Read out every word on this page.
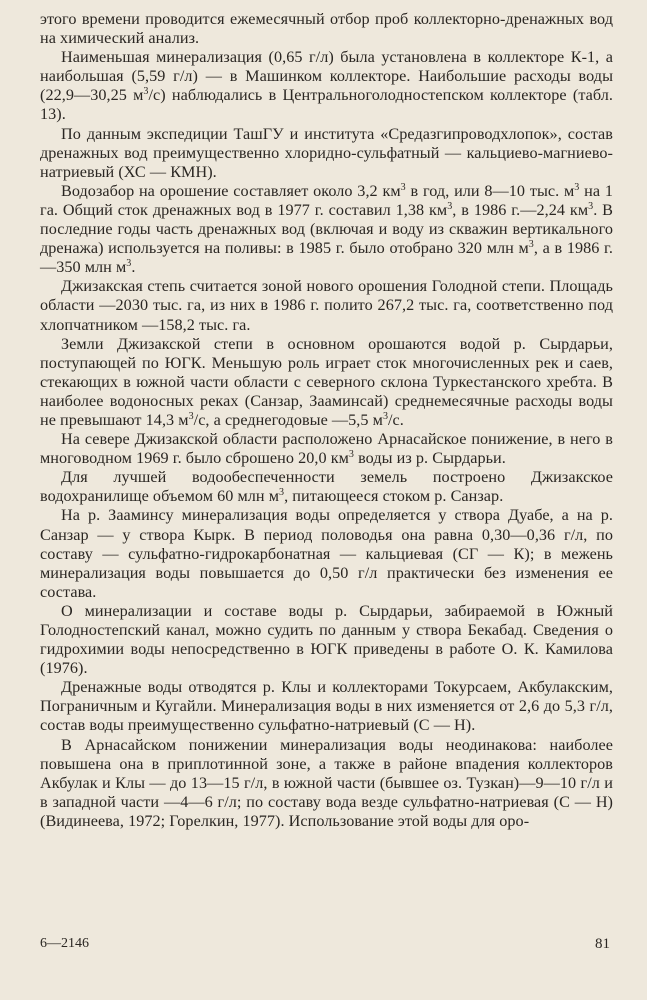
этого времени проводится ежемесячный отбор проб коллекторно-дренажных вод на химический анализ.

Наименьшая минерализация (0,65 г/л) была установлена в коллекторе К-1, а наибольшая (5,59 г/л) — в Машинком коллекторе. Наибольшие расходы воды (22,9—30,25 $м^3/с$) наблюдались в Центральноголодностепском коллекторе (табл. 13).

По данным экспедиции ТашГУ и института «Средазгипроводхлопок», состав дренажных вод преимущественно хлоридно-сульфатный — кальциево-магниево-натриевый (ХС — КМН).

Водозабор на орошение составляет около 3,2 $км^3$ в год, или 8—10 тыс. $м^3$ на 1 га. Общий сток дренажных вод в 1977 г. составил 1,38 $км^3$, в 1986 г.—2,24 $км^3$. В последние годы часть дренажных вод (включая и воду из скважин вертикального дренажа) используется на поливы: в 1985 г. было отобрано 320 млн $м^3$, а в 1986 г.—350 млн $м^3$.

Джизакская степь считается зоной нового орошения Голодной степи. Площадь области —2030 тыс. га, из них в 1986 г. полито 267,2 тыс. га, соответственно под хлопчатником —158,2 тыс. га.

Земли Джизакской степи в основном орошаются водой р. Сырдарьи, поступающей по ЮГК. Меньшую роль играет сток многочисленных рек и саев, стекающих в южной части области с северного склона Туркестанского хребта. В наиболее водоносных реках (Санзар, Зааминсай) среднемесячные расходы воды не превышают 14,3 $м^3/с$, а среднегодовые —5,5 $м^3/с$.

На севере Джизакской области расположено Арнасайское понижение, в него в многоводном 1969 г. было сброшено 20,0 $км^3$ воды из р. Сырдарьи.

Для лучшей водообеспеченности земель построено Джизакское водохранилище объемом 60 млн $м^3$, питающееся стоком р. Санзар.

На р. Зааминсу минерализация воды определяется у створа Дуабе, а на р. Санзар — у створа Кырк. В период половодья она равна 0,30—0,36 г/л, по составу — сульфатно-гидрокарбонатная — кальциевая (СГ — К); в межень минерализация воды повышается до 0,50 г/л практически без изменения ее состава.

О минерализации и составе воды р. Сырдарьи, забираемой в Южный Голодностепский канал, можно судить по данным у створа Бекабад. Сведения о гидрохимии воды непосредственно в ЮГК приведены в работе О. К. Камилова (1976).

Дренажные воды отводятся р. Клы и коллекторами Токурсаем, Акбулакским, Пограничным и Кугайли. Минерализация воды в них изменяется от 2,6 до 5,3 г/л, состав воды преимущественно сульфатно-натриевый (С — Н).

В Арнасайском понижении минерализация воды неодинакова: наиболее повышена она в приплотинной зоне, а также в районе впадения коллекторов Акбулак и Клы — до 13—15 г/л, в южной части (бывшее оз. Тузкан)—9—10 г/л и в западной части —4—6 г/л; по составу вода везде сульфатно-натриевая (С — Н) (Видинеева, 1972; Горелкин, 1977). Использование этой воды для оро-

6—2146	81
